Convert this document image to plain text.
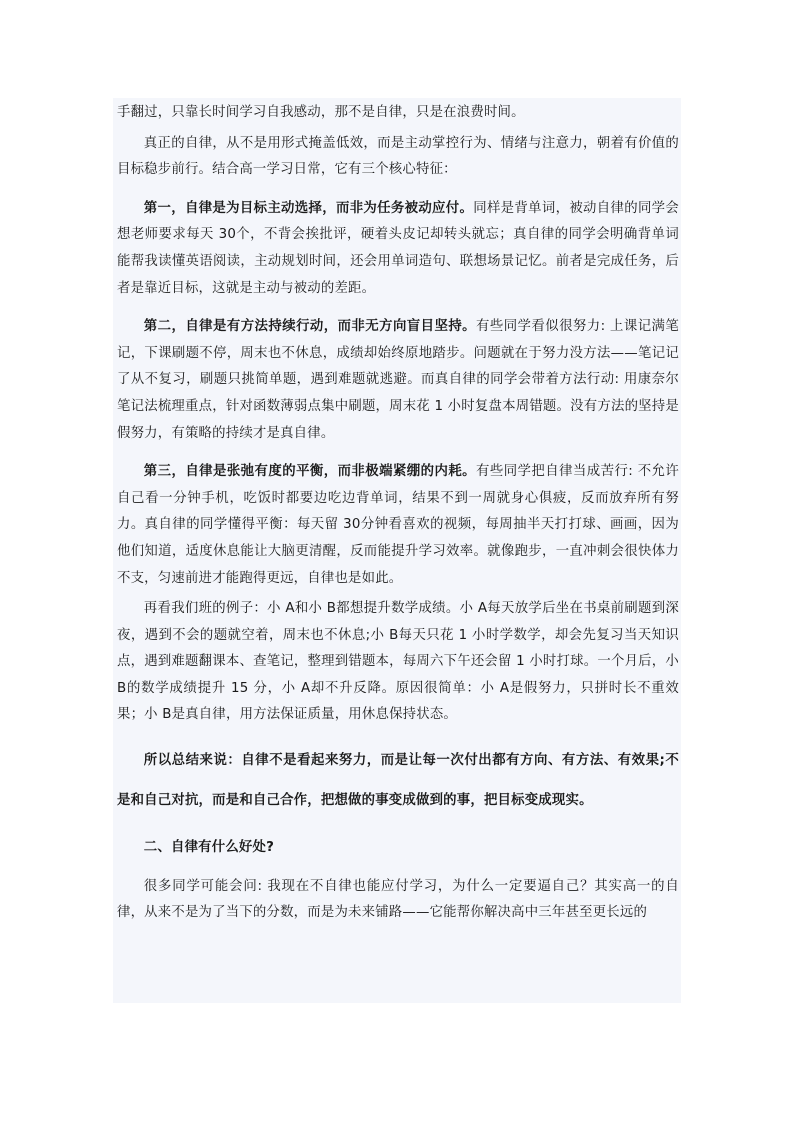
手翻过，只靠长时间学习自我感动，那不是自律，只是在浪费时间。

真正的自律，从不是用形式掩盖低效，而是主动掌控行为、情绪与注意力，朝着有价值的目标稳步前行。结合高一学习日常，它有三个核心特征：

第一，自律是为目标主动选择，而非为任务被动应付。同样是背单词，被动自律的同学会想老师要求每天 30个，不背会挨批评，硬着头皮记却转头就忘；真自律的同学会明确背单词能帮我读懂英语阅读，主动规划时间，还会用单词造句、联想场景记忆。前者是完成任务，后者是靠近目标，这就是主动与被动的差距。

第二，自律是有方法持续行动，而非无方向盲目坚持。有些同学看似很努力: 上课记满笔记，下课刷题不停，周末也不休息，成绩却始终原地踏步。问题就在于努力没方法——笔记记了从不复习，刷题只挑简单题，遇到难题就逃避。而真自律的同学会带着方法行动: 用康奈尔笔记法梳理重点，针对函数薄弱点集中刷题，周末花 1 小时复盘本周错题。没有方法的坚持是假努力，有策略的持续才是真自律。

第三，自律是张弛有度的平衡，而非极端紧绷的内耗。有些同学把自律当成苦行: 不允许自己看一分钟手机，吃饭时都要边吃边背单词，结果不到一周就身心俱疲，反而放弃所有努力。真自律的同学懂得平衡：每天留 30分钟看喜欢的视频，每周抽半天打打球、画画，因为他们知道，适度休息能让大脑更清醒，反而能提升学习效率。就像跑步，一直冲刺会很快体力不支，匀速前进才能跑得更远，自律也是如此。

再看我们班的例子：小 A和小 B都想提升数学成绩。小 A每天放学后坐在书桌前刷题到深夜，遇到不会的题就空着，周末也不休息;小 B每天只花 1 小时学数学，却会先复习当天知识点，遇到难题翻课本、查笔记，整理到错题本，每周六下午还会留 1 小时打球。一个月后，小 B的数学成绩提升 15 分，小 A却不升反降。原因很简单：小 A是假努力，只拼时长不重效果；小 B是真自律，用方法保证质量，用休息保持状态。

所以总结来说：自律不是看起来努力，而是让每一次付出都有方向、有方法、有效果;不是和自己对抗，而是和自己合作，把想做的事变成做到的事，把目标变成现实。

二、自律有什么好处?

很多同学可能会问: 我现在不自律也能应付学习，为什么一定要逼自己？其实高一的自律，从来不是为了当下的分数，而是为未来铺路——它能帮你解决高中三年甚至更长远的
